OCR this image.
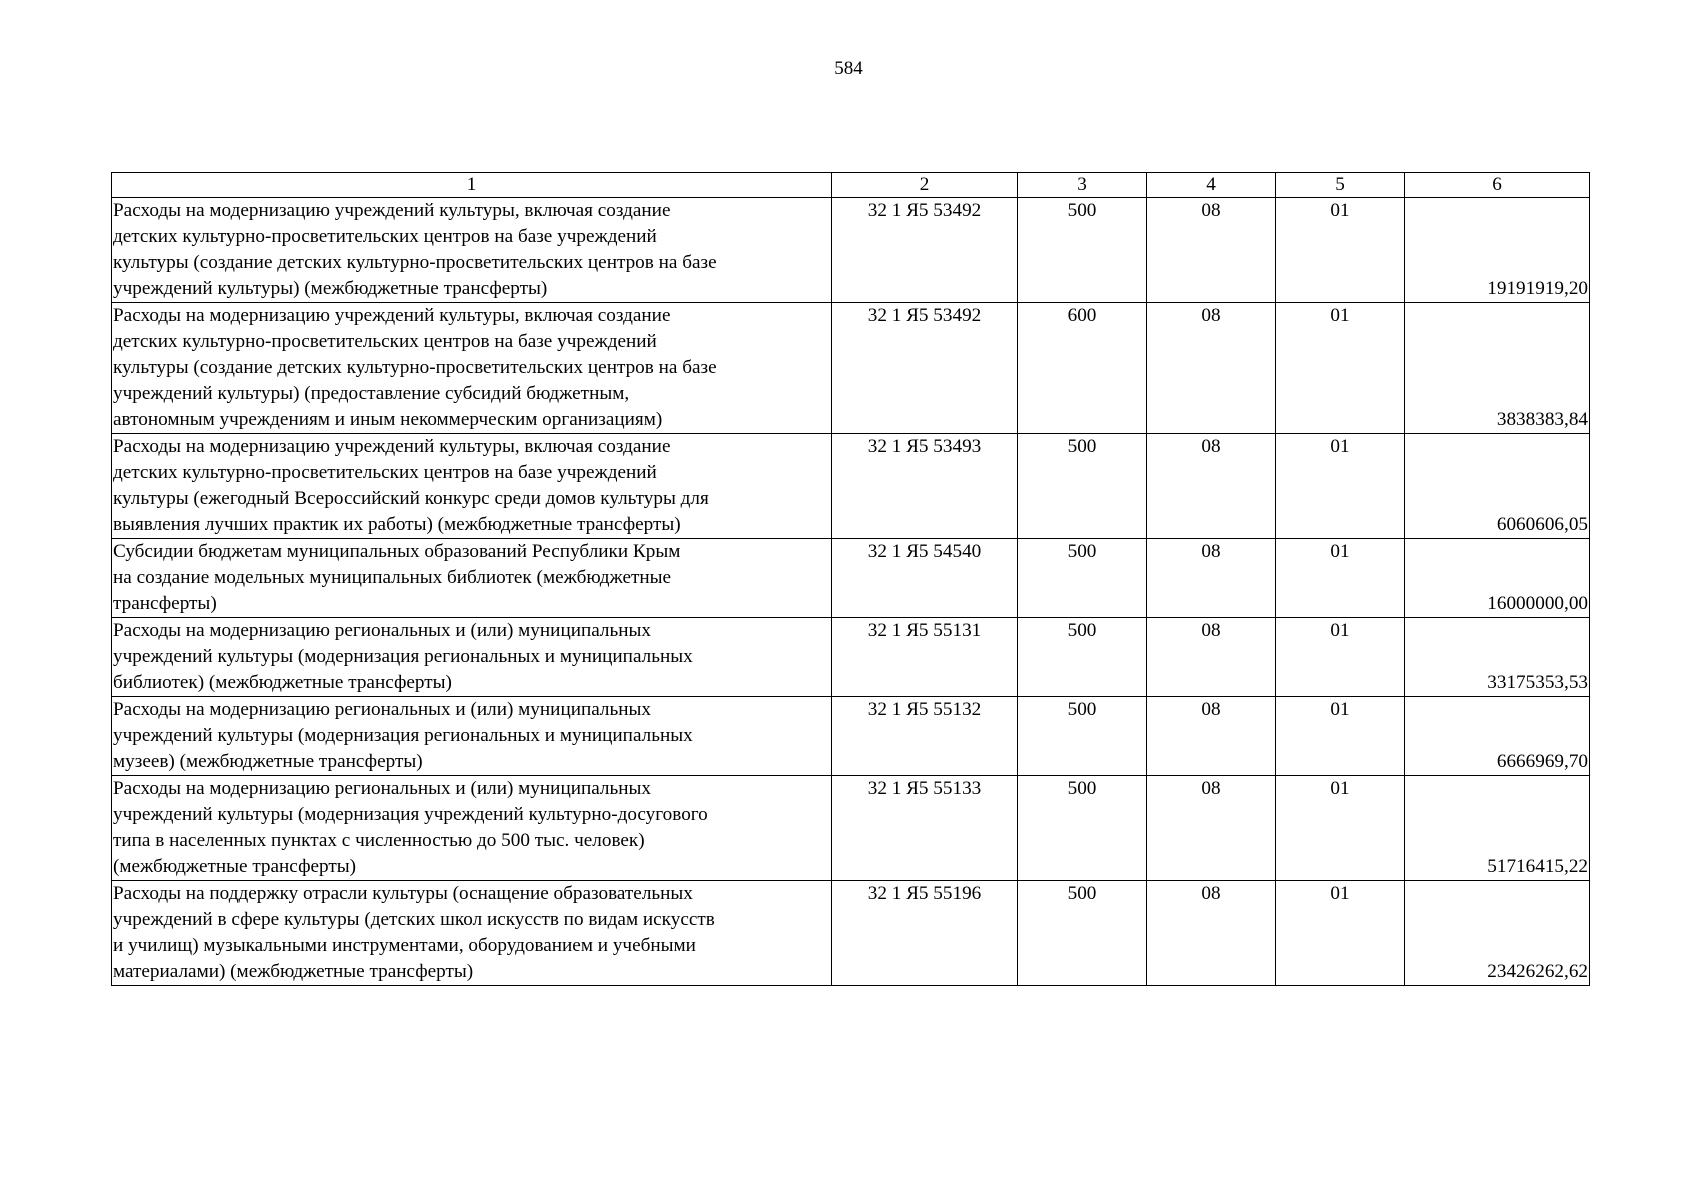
584
1	2	3	4	5	6

Расходы на модернизацию учреждений культуры, включая создание
детских культурно-просветительских центров на базе учреждений
культуры (создание детских культурно-просветительских центров на базе
учреждений культуры) (межбюджетные трансферты)	32 1 Я5 53492	500	08	01	19191919,20

Расходы на модернизацию учреждений культуры, включая создание
детских культурно-просветительских центров на базе учреждений
культуры (создание детских культурно-просветительских центров на базе
учреждений культуры) (предоставление субсидий бюджетным,
автономным учреждениям и иным некоммерческим организациям)	32 1 Я5 53492	600	08	01	3838383,84

Расходы на модернизацию учреждений культуры, включая создание
детских культурно-просветительских центров на базе учреждений
культуры (ежегодный Всероссийский конкурс среди домов культуры для
выявления лучших практик их работы) (межбюджетные трансферты)	32 1 Я5 53493	500	08	01	6060606,05

Субсидии бюджетам муниципальных образований Республики Крым
на создание модельных муниципальных библиотек (межбюджетные
трансферты)	32 1 Я5 54540	500	08	01	16000000,00

Расходы на модернизацию региональных и (или) муниципальных
учреждений культуры (модернизация региональных и муниципальных
библиотек) (межбюджетные трансферты)	32 1 Я5 55131	500	08	01	33175353,53

Расходы на модернизацию региональных и (или) муниципальных
учреждений культуры (модернизация региональных и муниципальных
музеев) (межбюджетные трансферты)	32 1 Я5 55132	500	08	01	6666969,70

Расходы на модернизацию региональных и (или) муниципальных
учреждений культуры (модернизация учреждений культурно-досугового
типа в населенных пунктах с численностью до 500 тыс. человек)
(межбюджетные трансферты)	32 1 Я5 55133	500	08	01	51716415,22

Расходы на поддержку отрасли культуры (оснащение образовательных
учреждений в сфере культуры (детских школ искусств по видам искусств
и училищ) музыкальными инструментами, оборудованием и учебными
материалами) (межбюджетные трансферты)	32 1 Я5 55196	500	08	01	23426262,62
